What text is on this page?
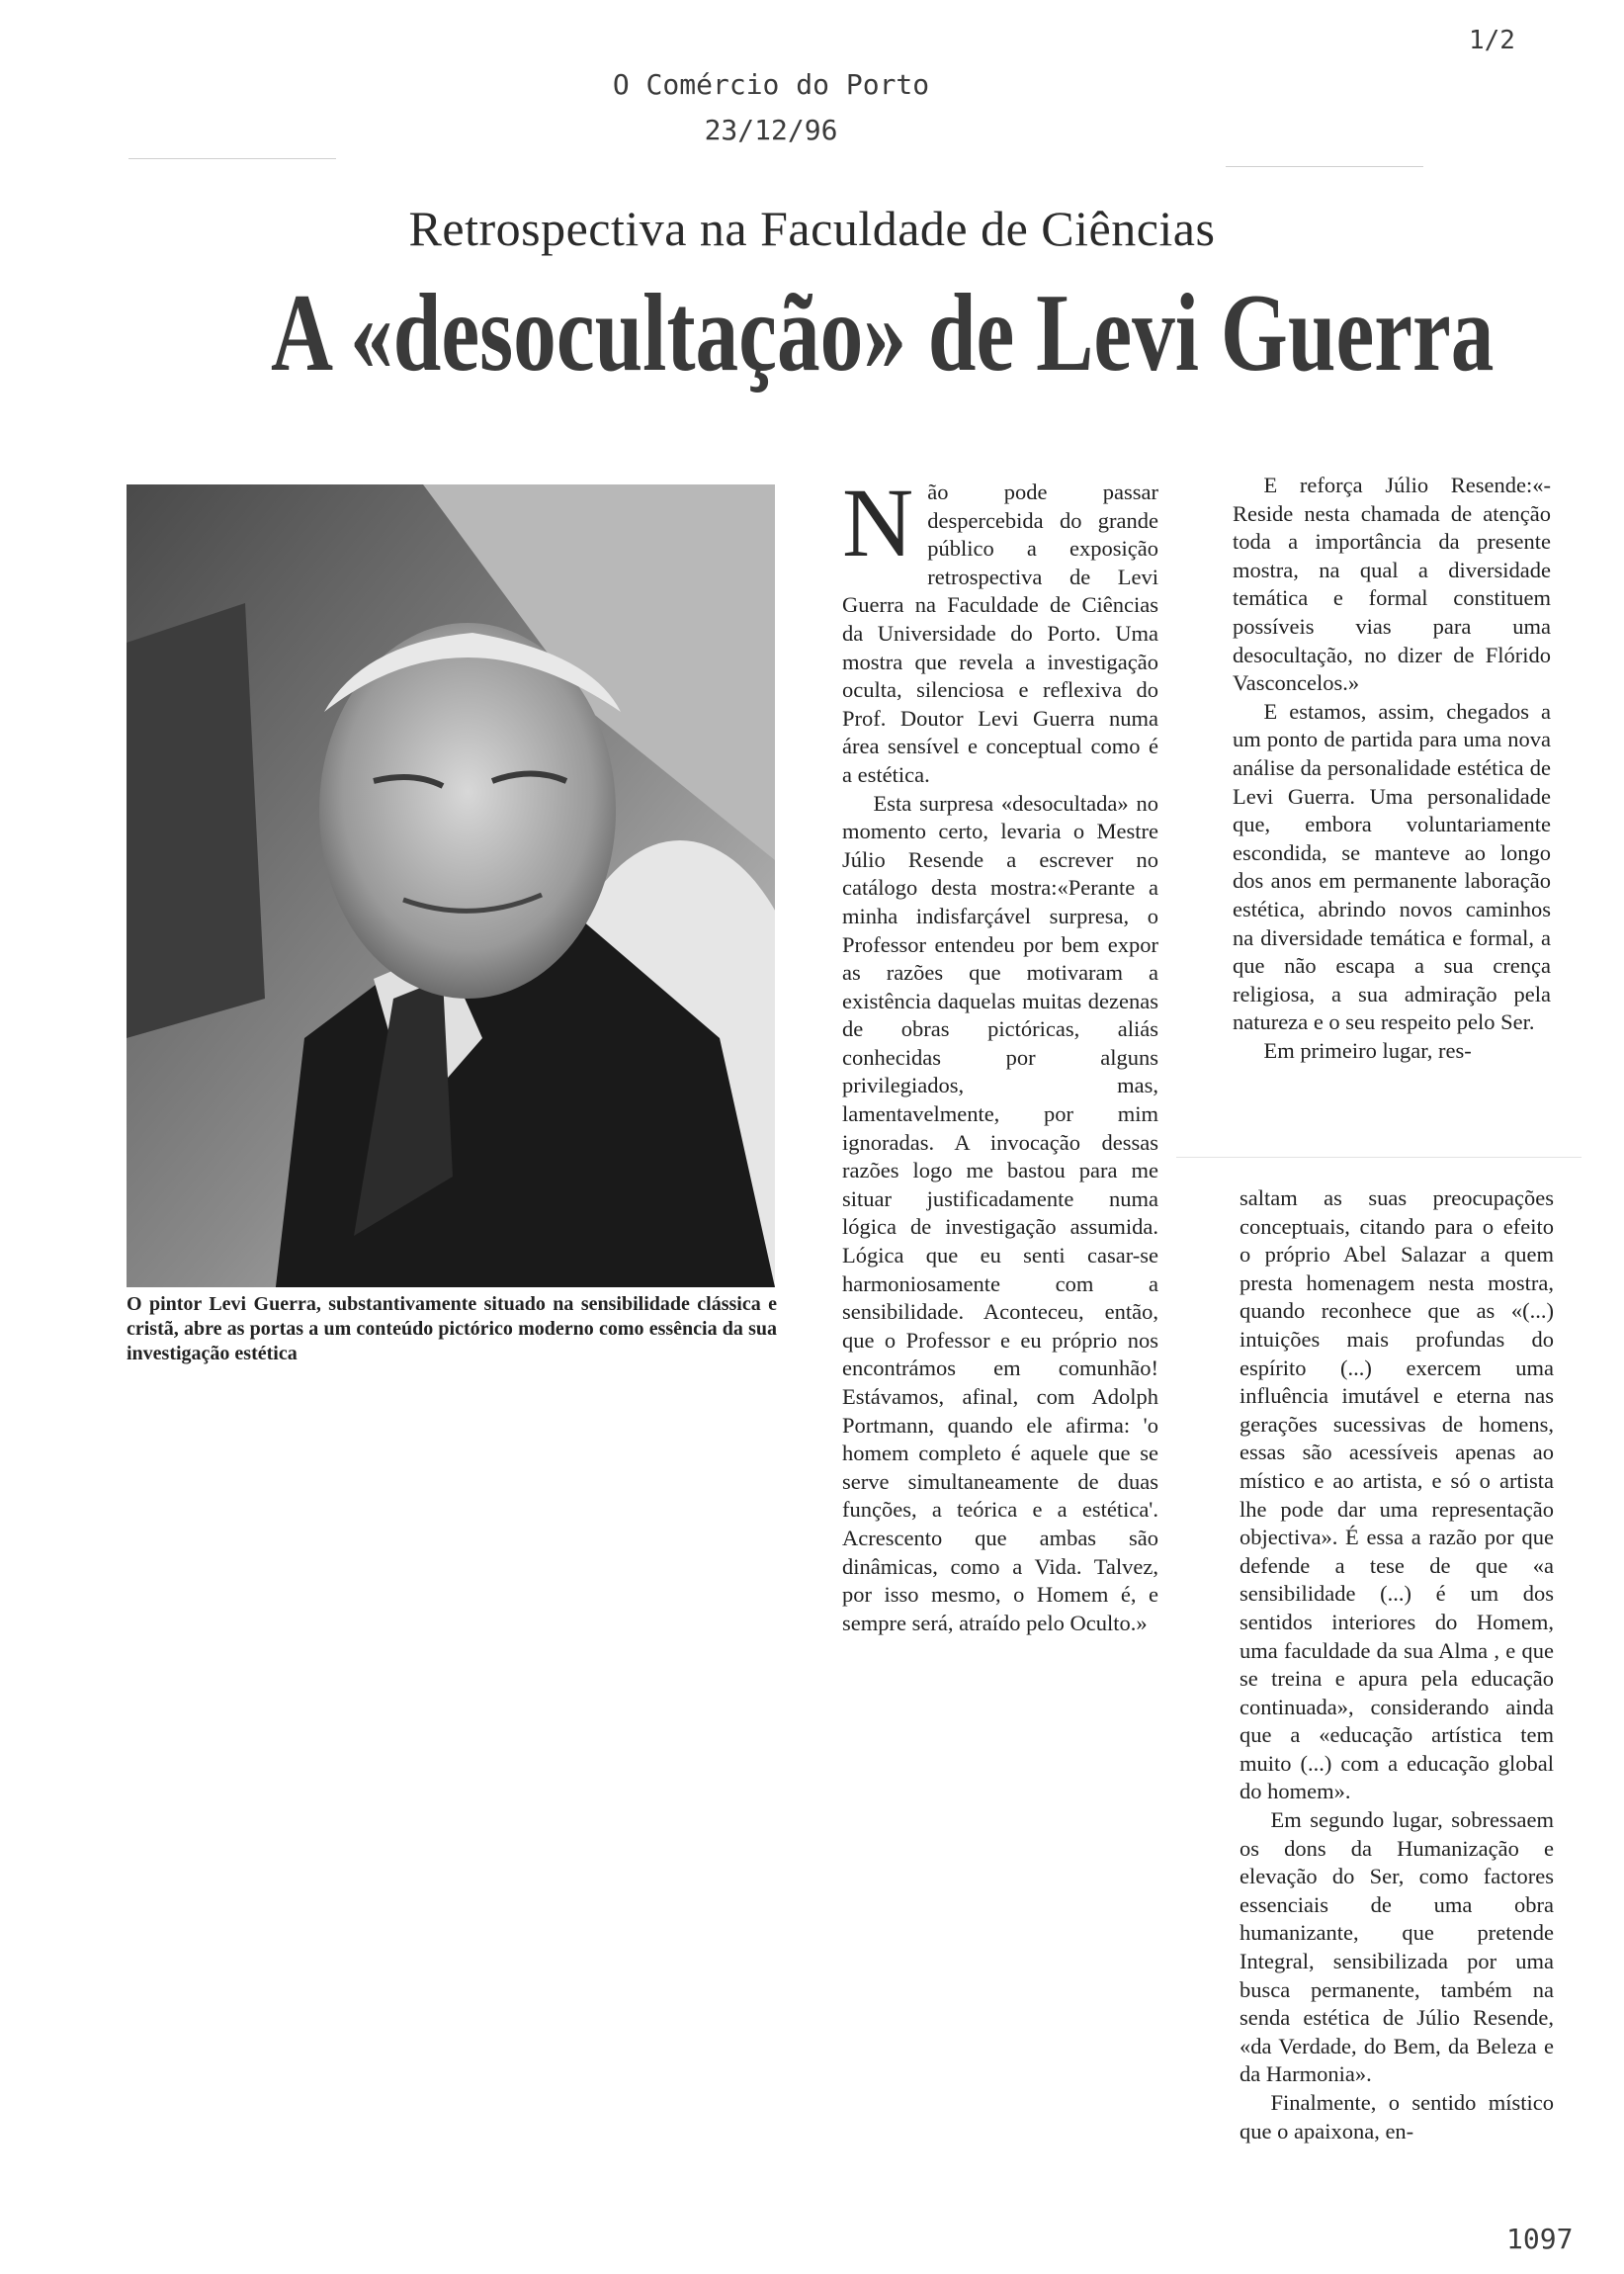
1/2
O Comércio do Porto
23/12/96
Retrospectiva na Faculdade de Ciências
A «desocultação» de Levi Guerra
O pintor Levi Guerra, substantivamente situado na sensibilidade clássica e cristã, abre as portas a um conteúdo pictórico moderno como essência da sua investigação estética

Não pode passar despercebida do grande público a exposição retrospectiva de Levi Guerra na Faculdade de Ciências da Universidade do Porto. Uma mostra que revela a investigação oculta, silenciosa e reflexiva do Prof. Doutor Levi Guerra numa área sensível e conceptual como é a estética.

Esta surpresa «desocultada» no momento certo, levaria o Mestre Júlio Resende a escrever no catálogo desta mostra:«Perante a minha indisfarçável surpresa, o Professor entendeu por bem expor as razões que motivaram a existência daquelas muitas dezenas de obras pictóricas, aliás conhecidas por alguns privilegiados, mas, lamentavelmente, por mim ignoradas. A invocação dessas razões logo me bastou para me situar justificadamente numa lógica de investigação assumida. Lógica que eu senti casar-se harmoniosamente com a sensibilidade. Aconteceu, então, que o Professor e eu próprio nos encontrámos em comunhão! Estávamos, afinal, com Adolph Portmann, quando ele afirma: 'o homem completo é aquele que se serve simultaneamente de duas funções, a teórica e a estética'. Acrescento que ambas são dinâmicas, como a Vida. Talvez, por isso mesmo, o Homem é, e sempre será, atraído pelo Oculto.»

E reforça Júlio Resende:«-Reside nesta chamada de atenção toda a importância da presente mostra, na qual a diversidade temática e formal constituem possíveis vias para uma desocultação, no dizer de Flórido Vasconcelos.»

E estamos, assim, chegados a um ponto de partida para uma nova análise da personalidade estética de Levi Guerra. Uma personalidade que, embora voluntariamente escondida, se manteve ao longo dos anos em permanente laboração estética, abrindo novos caminhos na diversidade temática e formal, a que não escapa a sua crença religiosa, a sua admiração pela natureza e o seu respeito pelo Ser.

Em primeiro lugar, res-

saltam as suas preocupações conceptuais, citando para o efeito o próprio Abel Salazar a quem presta homenagem nesta mostra, quando reconhece que as «(...) intuições mais profundas do espírito (...) exercem uma influência imutável e eterna nas gerações sucessivas de homens, essas são acessíveis apenas ao místico e ao artista, e só o artista lhe pode dar uma representação objectiva». É essa a razão por que defende a tese de que «a sensibilidade (...) é um dos sentidos interiores do Homem, uma faculdade da sua Alma , e que se treina e apura pela educação continuada», considerando ainda que a «educação artística tem muito (...) com a educação global do homem».

Em segundo lugar, sobressaem os dons da Humanização e elevação do Ser, como factores essenciais de uma obra humanizante, que pretende Integral, sensibilizada por uma busca permanente, também na senda estética de Júlio Resende, «da Verdade, do Bem, da Beleza e da Harmonia».

Finalmente, o sentido místico que o apaixona, en-

1097
